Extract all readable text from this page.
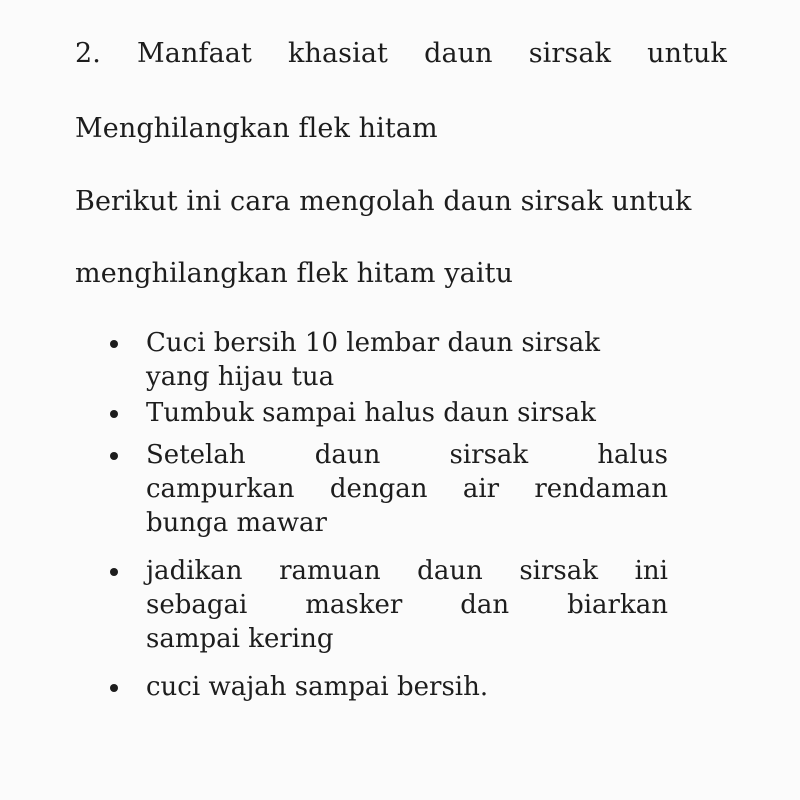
2. Manfaat khasiat daun sirsak untuk
Menghilangkan flek hitam
Berikut ini cara mengolah daun sirsak untuk
menghilangkan flek hitam yaitu
Cuci bersih 10 lembar daun sirsak
yang hijau tua
Tumbuk sampai halus daun sirsak
Setelah	daun	sirsak	halus
campurkan dengan air rendaman
bunga mawar
jadikan ramuan daun sirsak ini
sebagai masker dan biarkan
sampai kering
cuci wajah sampai bersih.
